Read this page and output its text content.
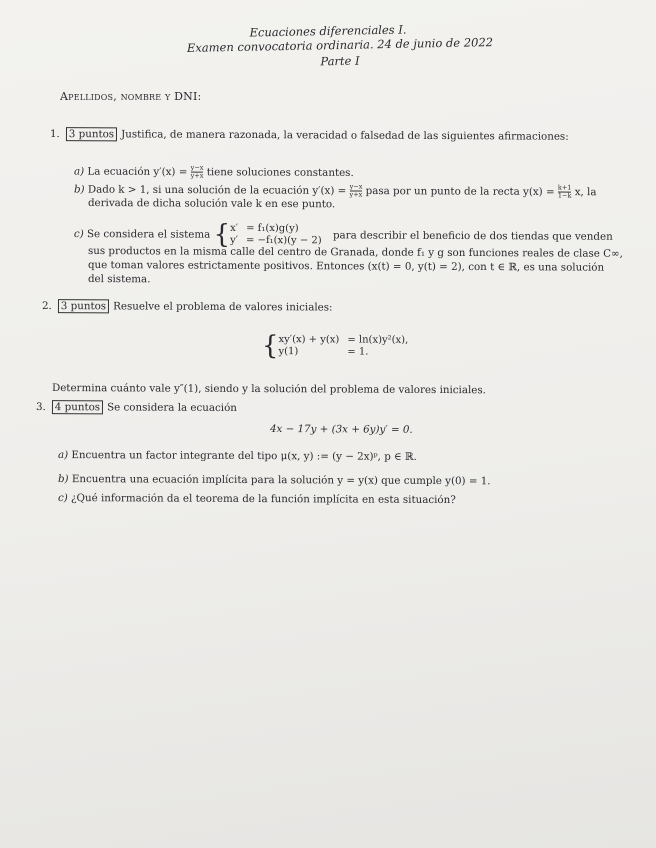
Ecuaciones diferenciales I.
Examen convocatoria ordinaria. 24 de junio de 2022
Parte I
Apellidos, nombre y DNI:
1. 3 puntos Justifica, de manera razonada, la veracidad o falsedad de las siguientes afirmaciones:
a) La ecuación $y'(x) = \frac{y-x}{y+x}$ tiene soluciones constantes.
b) Dado k > 1, si una solución de la ecuación $y'(x) = \frac{y-x}{y+x}$ pasa por un punto de la recta $y(x) = \frac{k+1}{1-k} x$, la
derivada de dicha solución vale k en ese punto.
c) Se considera el sistema { x′ = f₁(x)g(y)
y′ = −f₁(x)(y − 2) para describir el beneficio de dos tiendas que venden
sus productos en la misma calle del centro de Granada, donde f₁ y g son funciones reales de clase C∞,
que toman valores estrictamente positivos. Entonces (x(t) = 0, y(t) = 2), con t ∈ ℝ, es una solución
del sistema.
2. 3 puntos Resuelve el problema de valores iniciales:
{ xy′(x) + y(x) = ln(x)y²(x),
y(1)	= 1.
Determina cuánto vale y″(1), siendo y la solución del problema de valores iniciales.
3. 4 puntos Se considera la ecuación
4x − 17y + (3x + 6y)y′ = 0.
a) Encuentra un factor integrante del tipo μ(x, y) := (y − 2x)ᵖ, p ∈ ℝ.
b) Encuentra una ecuación implícita para la solución y = y(x) que cumple y(0) = 1.
c) ¿Qué información da el teorema de la función implícita en esta situación?
